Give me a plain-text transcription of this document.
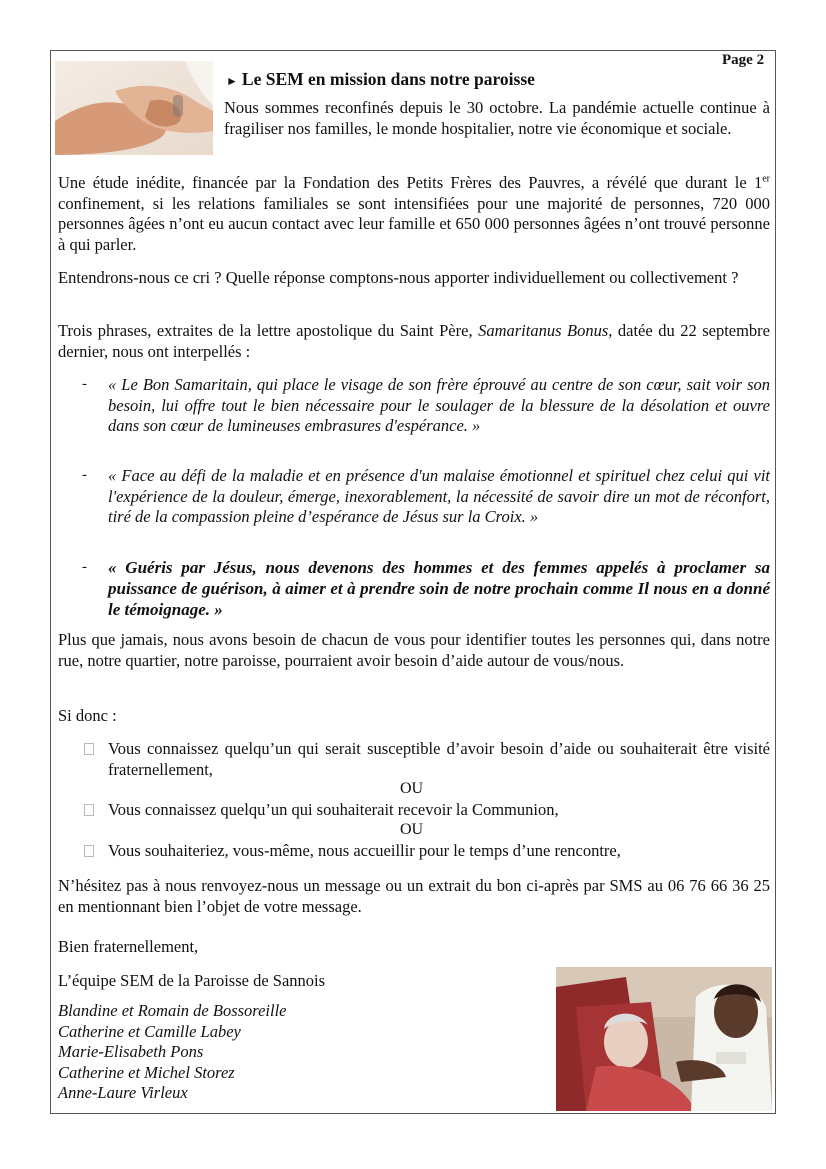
Page 2
► Le SEM en mission dans notre paroisse
Nous sommes reconfinés depuis le 30 octobre. La pandémie actuelle continue à fragiliser nos familles, le monde hospitalier, notre vie économique et sociale.
Une étude inédite, financée par la Fondation des Petits Frères des Pauvres, a révélé que durant le 1er confinement, si les relations familiales se sont intensifiées pour une majorité de personnes, 720 000 personnes âgées n’ont eu aucun contact avec leur famille et 650 000 personnes âgées n’ont trouvé personne à qui parler.
Entendrons-nous ce cri ? Quelle réponse comptons-nous apporter individuellement ou collectivement ?
Trois phrases, extraites de la lettre apostolique du Saint Père, Samaritanus Bonus, datée du 22 septembre dernier, nous ont interpellés :
- « Le Bon Samaritain, qui place le visage de son frère éprouvé au centre de son cœur, sait voir son besoin, lui offre tout le bien nécessaire pour le soulager de la blessure de la désolation et ouvre dans son cœur de lumineuses embrasures d'espérance. »
- « Face au défi de la maladie et en présence d'un malaise émotionnel et spirituel chez celui qui vit l'expérience de la douleur, émerge, inexorablement, la nécessité de savoir dire un mot de réconfort, tiré de la compassion pleine d’espérance de Jésus sur la Croix. »
- « Guéris par Jésus, nous devenons des hommes et des femmes appelés à proclamer sa puissance de guérison, à aimer et à prendre soin de notre prochain comme Il nous en a donné le témoignage. »
Plus que jamais, nous avons besoin de chacun de vous pour identifier toutes les personnes qui, dans notre rue, notre quartier, notre paroisse, pourraient avoir besoin d’aide autour de vous/nous.
Si donc :
Vous connaissez quelqu’un qui serait susceptible d’avoir besoin d’aide ou souhaiterait être visité fraternellement,
OU
Vous connaissez quelqu’un qui souhaiterait recevoir la Communion,
OU
Vous souhaiteriez, vous-même, nous accueillir pour le temps d’une rencontre,
N’hésitez pas à nous renvoyez-nous un message ou un extrait du bon ci-après par SMS au 06 76 66 36 25 en mentionnant bien l’objet de votre message.
Bien fraternellement,
L’équipe SEM de la Paroisse de Sannois
Blandine et Romain de Bossoreille
Catherine et Camille Labey
Marie-Elisabeth Pons
Catherine et Michel Storez
Anne-Laure Virleux
